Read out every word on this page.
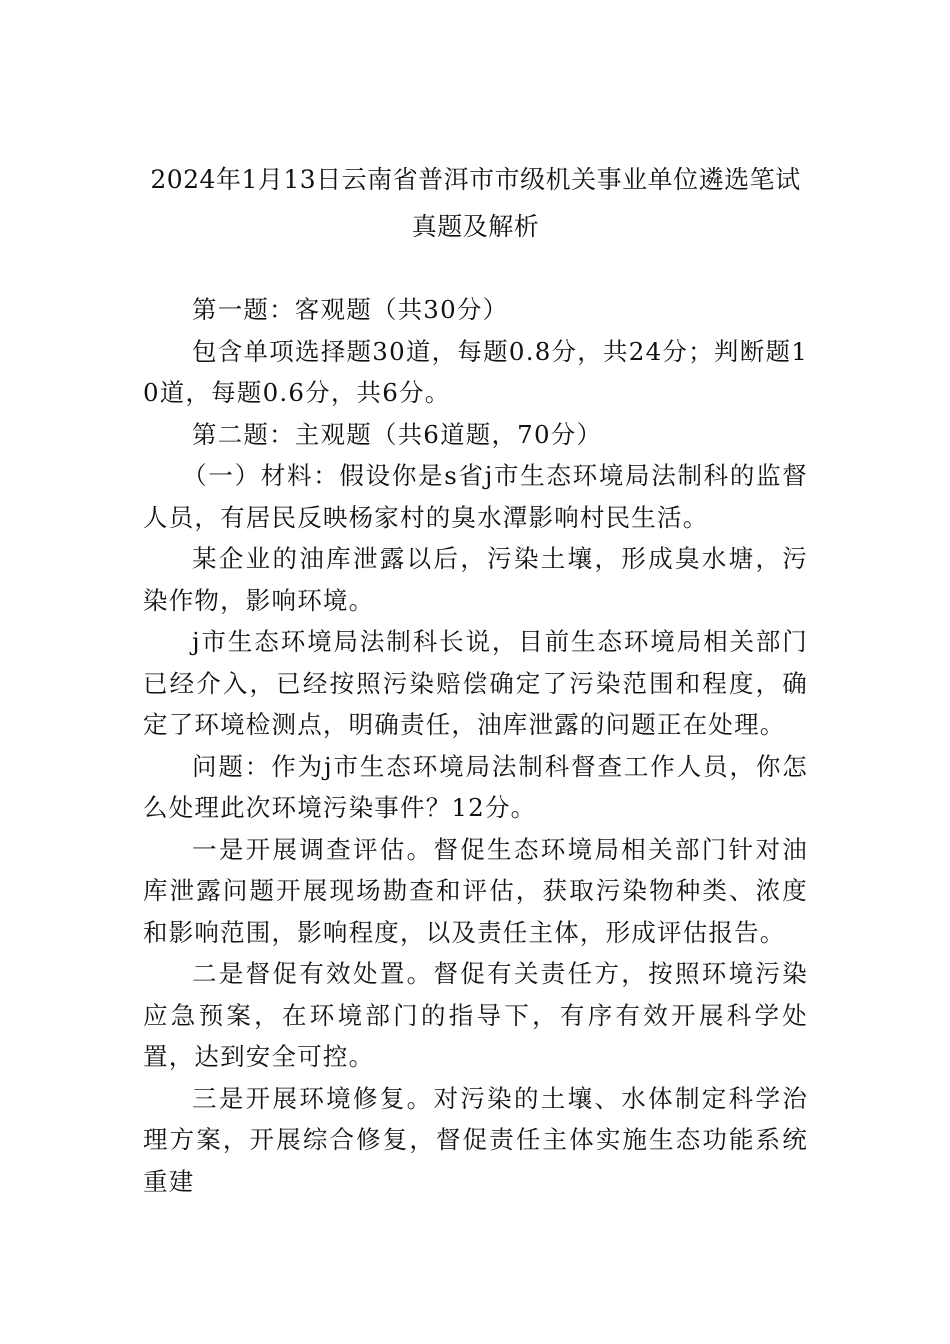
2024年1月13日云南省普洱市市级机关事业单位遴选笔试
真题及解析

第一题：客观题（共30分）

包含单项选择题30道，每题0.8分，共24分；判断题10道，每题0.6分，共6分。

第二题：主观题（共6道题，70分）

（一）材料：假设你是s省j市生态环境局法制科的监督人员，有居民反映杨家村的臭水潭影响村民生活。

某企业的油库泄露以后，污染土壤，形成臭水塘，污染作物，影响环境。

j市生态环境局法制科长说，目前生态环境局相关部门已经介入，已经按照污染赔偿确定了污染范围和程度，确定了环境检测点，明确责任，油库泄露的问题正在处理。

问题：作为j市生态环境局法制科督查工作人员，你怎么处理此次环境污染事件？12分。

一是开展调查评估。督促生态环境局相关部门针对油库泄露问题开展现场勘查和评估，获取污染物种类、浓度和影响范围，影响程度，以及责任主体，形成评估报告。

二是督促有效处置。督促有关责任方，按照环境污染应急预案，在环境部门的指导下，有序有效开展科学处置，达到安全可控。

三是开展环境修复。对污染的土壤、水体制定科学治理方案，开展综合修复，督促责任主体实施生态功能系统重建
